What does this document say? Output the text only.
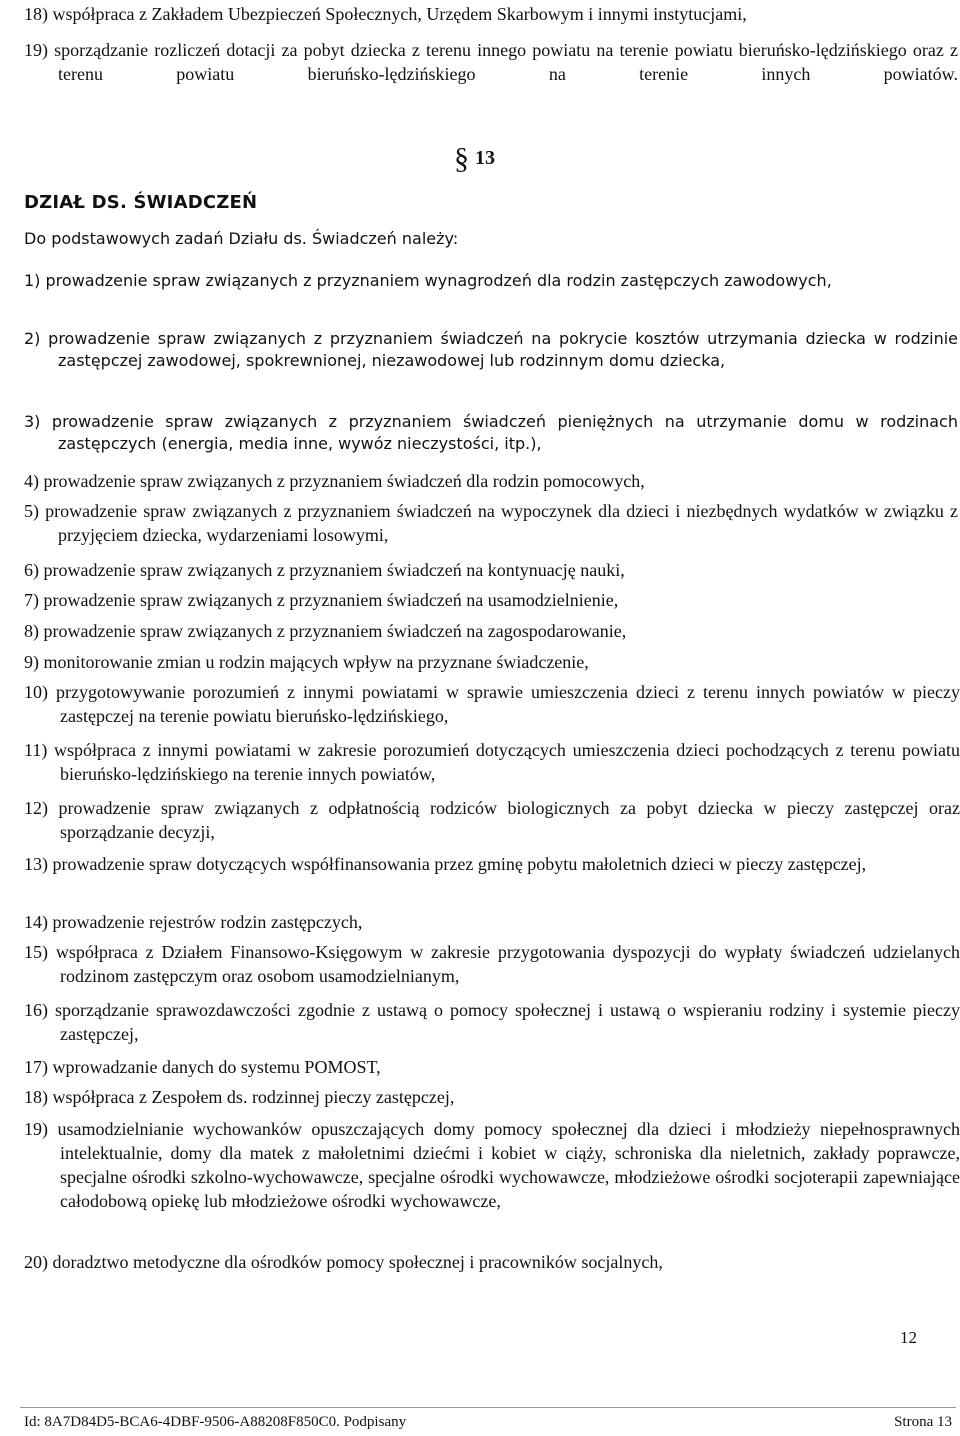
18) współpraca z Zakładem Ubezpieczeń Społecznych, Urzędem Skarbowym i innymi instytucjami,

19) sporządzanie rozliczeń dotacji za pobyt dziecka z terenu innego powiatu na terenie powiatu bieruńsko-lędzińskiego oraz z terenu powiatu bieruńsko-lędzińskiego na terenie innych powiatów.

§ 13
DZIAŁ DS. ŚWIADCZEŃ
Do podstawowych zadań Działu ds. Świadczeń należy:

1) prowadzenie spraw związanych z przyznaniem wynagrodzeń dla rodzin zastępczych zawodowych,

2) prowadzenie spraw związanych z przyznaniem świadczeń na pokrycie kosztów utrzymania dziecka w rodzinie zastępczej zawodowej, spokrewnionej, niezawodowej lub rodzinnym domu dziecka,

3) prowadzenie spraw związanych z przyznaniem świadczeń pieniężnych na utrzymanie domu w rodzinach zastępczych (energia, media inne, wywóz nieczystości, itp.),

4) prowadzenie spraw związanych z przyznaniem świadczeń dla rodzin pomocowych,

5) prowadzenie spraw związanych z przyznaniem świadczeń na wypoczynek dla dzieci i niezbędnych wydatków w związku z przyjęciem dziecka, wydarzeniami losowymi,

6) prowadzenie spraw związanych z przyznaniem świadczeń na kontynuację nauki,

7) prowadzenie spraw związanych z przyznaniem świadczeń na usamodzielnienie,

8) prowadzenie spraw związanych z przyznaniem świadczeń na zagospodarowanie,

9) monitorowanie zmian u rodzin mających wpływ na przyznane świadczenie,

10) przygotowywanie porozumień z innymi powiatami w sprawie umieszczenia dzieci z terenu innych powiatów w pieczy zastępczej na terenie powiatu bieruńsko-lędzińskiego,

11) współpraca z innymi powiatami w zakresie porozumień dotyczących umieszczenia dzieci pochodzących z terenu powiatu bieruńsko-lędzińskiego na terenie innych powiatów,

12) prowadzenie spraw związanych z odpłatnością rodziców biologicznych za pobyt dziecka w pieczy zastępczej oraz sporządzanie decyzji,

13) prowadzenie spraw dotyczących współfinansowania przez gminę pobytu małoletnich dzieci w pieczy zastępczej,

14) prowadzenie rejestrów rodzin zastępczych,

15) współpraca z Działem Finansowo-Księgowym w zakresie przygotowania dyspozycji do wypłaty świadczeń udzielanych rodzinom zastępczym oraz osobom usamodzielnianym,

16) sporządzanie sprawozdawczości zgodnie z ustawą o pomocy społecznej i ustawą o wspieraniu rodziny i systemie pieczy zastępczej,

17) wprowadzanie danych do systemu POMOST,

18) współpraca z Zespołem ds. rodzinnej pieczy zastępczej,

19) usamodzielnianie wychowanków opuszczających domy pomocy społecznej dla dzieci i młodzieży niepełnosprawnych intelektualnie, domy dla matek z małoletnimi dziećmi i kobiet w ciąży, schroniska dla nieletnich, zakłady poprawcze, specjalne ośrodki szkolno-wychowawcze, specjalne ośrodki wychowawcze, młodzieżowe ośrodki socjoterapii zapewniające całodobową opiekę lub młodzieżowe ośrodki wychowawcze,

20) doradztwo metodyczne dla ośrodków pomocy społecznej i pracowników socjalnych,

12
Id: 8A7D84D5-BCA6-4DBF-9506-A88208F850C0. Podpisany	Strona 13
